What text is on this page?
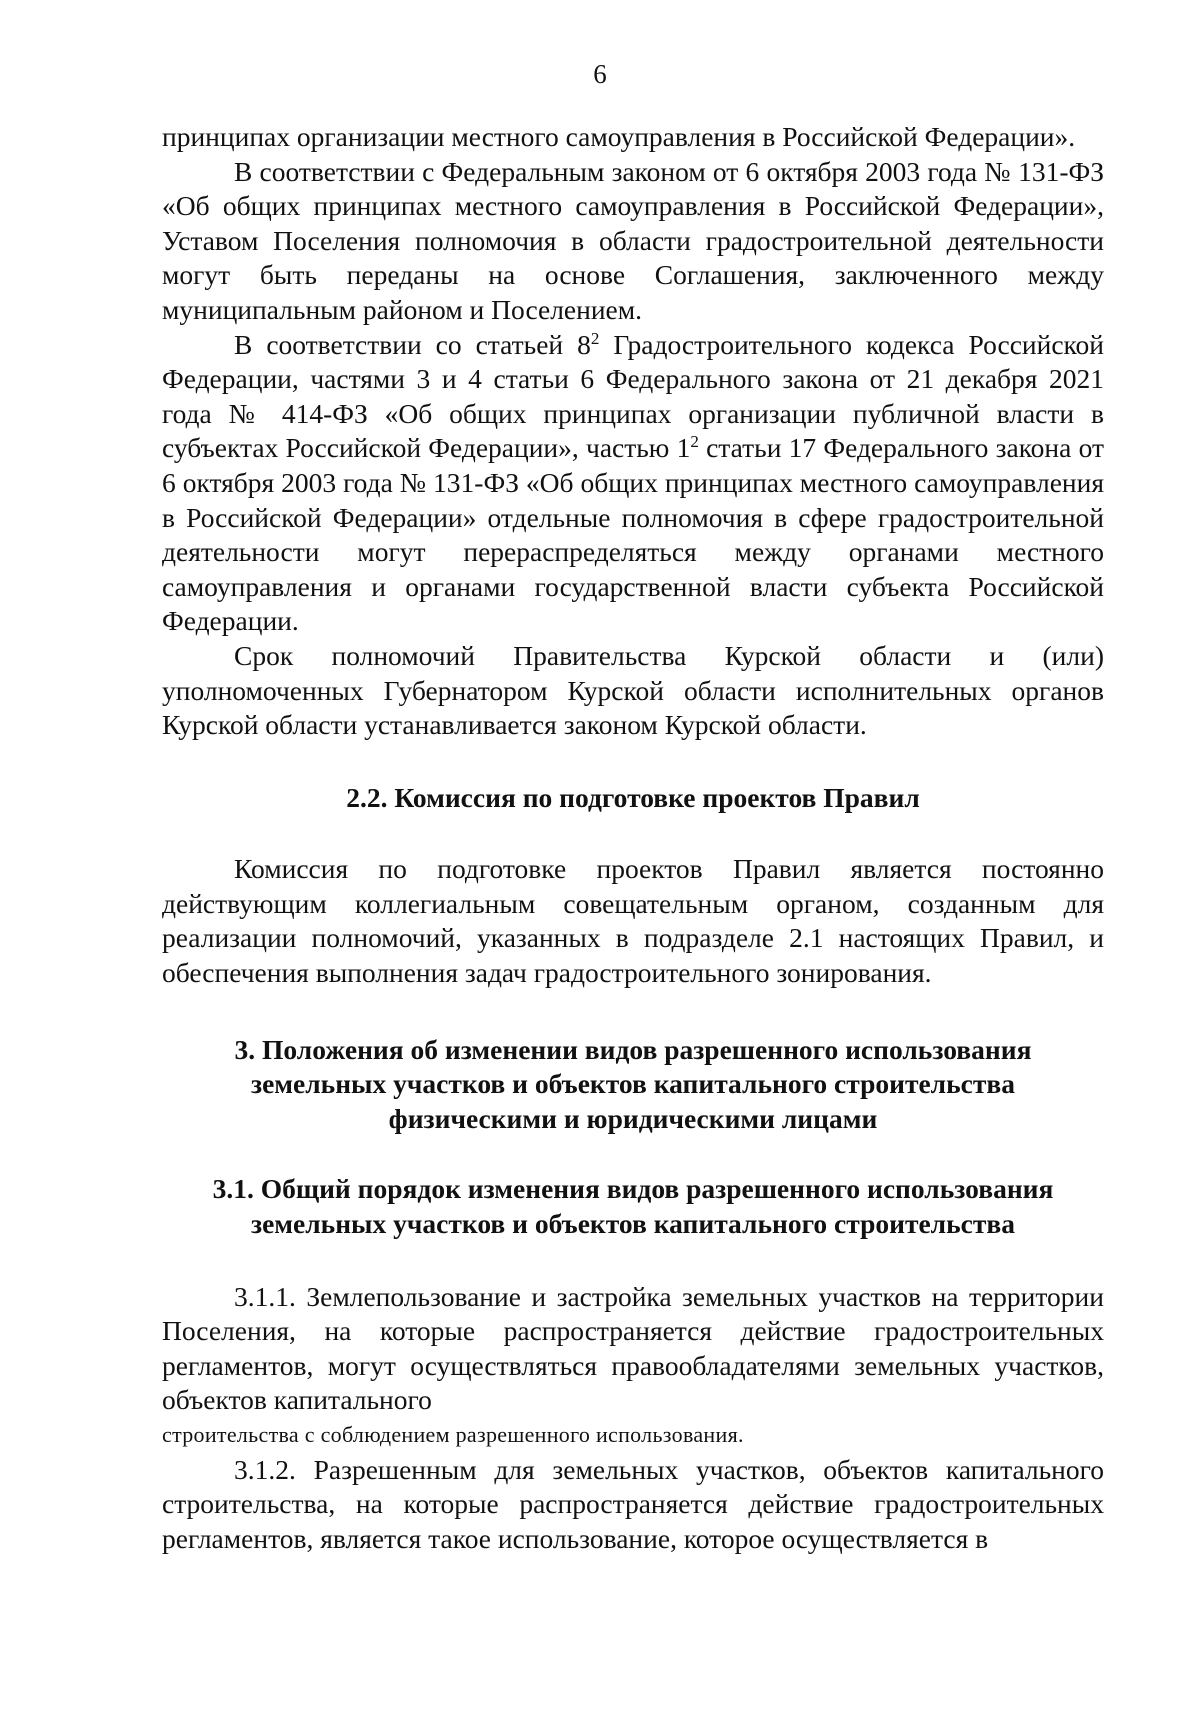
6

принципах организации местного самоуправления в Российской Федерации».

В соответствии с Федеральным законом от 6 октября 2003 года № 131-ФЗ «Об общих принципах местного самоуправления в Российской Федерации», Уставом Поселения полномочия в области градостроительной деятельности могут быть переданы на основе Соглашения, заключенного между муниципальным районом и Поселением.

В соответствии со статьей $8^2$ Градостроительного кодекса Российской Федерации, частями 3 и 4 статьи 6 Федерального закона от 21 декабря 2021 года № 414-ФЗ «Об общих принципах организации публичной власти в субъектах Российской Федерации», частью $1^2$ статьи 17 Федерального закона от 6 октября 2003 года № 131-ФЗ «Об общих принципах местного самоуправления в Российской Федерации» отдельные полномочия в сфере градостроительной деятельности могут перераспределяться между органами местного самоуправления и органами государственной власти субъекта Российской Федерации.

Срок полномочий Правительства Курской области и (или) уполномоченных Губернатором Курской области исполнительных органов Курской области устанавливается законом Курской области.

2.2. Комиссия по подготовке проектов Правил

Комиссия по подготовке проектов Правил является постоянно действующим коллегиальным совещательным органом, созданным для реализации полномочий, указанных в подразделе 2.1 настоящих Правил, и обеспечения выполнения задач градостроительного зонирования.

3. Положения об изменении видов разрешенного использования
земельных участков и объектов капитального строительства
физическими и юридическими лицами
3.1. Общий порядок изменения видов разрешенного использования
земельных участков и объектов капитального строительства

3.1.1. Землепользование и застройка земельных участков на территории Поселения, на которые распространяется действие градостроительных регламентов, могут осуществляться правообладателями земельных участков, объектов капитального

строительства с соблюдением разрешенного использования.

3.1.2. Разрешенным для земельных участков, объектов капитального строительства, на которые распространяется действие градостроительных регламентов, является такое использование, которое осуществляется в
